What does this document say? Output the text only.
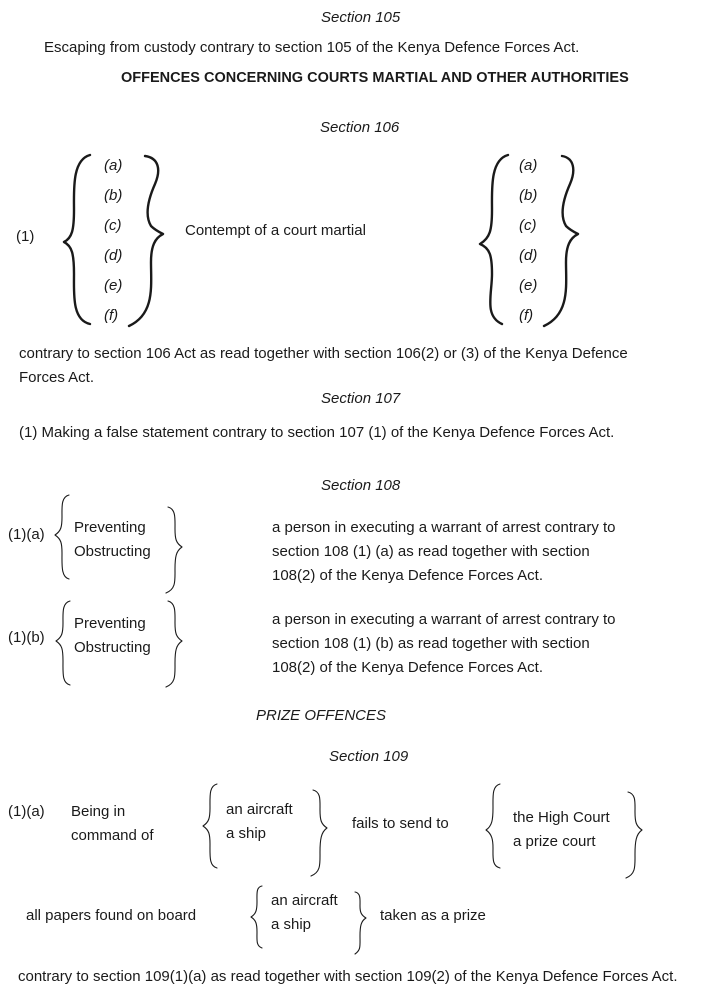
Section 105
Escaping from custody contrary to section 105 of the Kenya Defence Forces Act.
OFFENCES CONCERNING COURTS MARTIAL AND OTHER AUTHORITIES
Section 106
(1)
(a)
(b)
(c)
(d)
(e)
(f)
Contempt of a court martial
(a)
(b)
(c)
(d)
(e)
(f)
contrary to section 106 Act as read together with section 106(2) or (3) of the Kenya Defence
Forces Act.
Section 107
(1) Making a false statement contrary to section 107 (1) of the Kenya Defence Forces Act.
Section 108
(1)(a) Preventing
Obstructing
a person in executing a warrant of arrest contrary to
section 108 (1) (a) as read together with section
108(2) of the Kenya Defence Forces Act.
(1)(b)
Preventing
Obstructing
a person in executing a warrant of arrest contrary to
section 108 (1) (b) as read together with section
108(2) of the Kenya Defence Forces Act.
PRIZE OFFENCES
Section 109
(1)(a) Being in
command of
an aircraft
a ship
fails to send to	the High Court
a prize court
all papers found on board
an aircraft
a ship
taken as a prize
contrary to section 109(1)(a) as read together with section 109(2) of the Kenya Defence Forces Act.
